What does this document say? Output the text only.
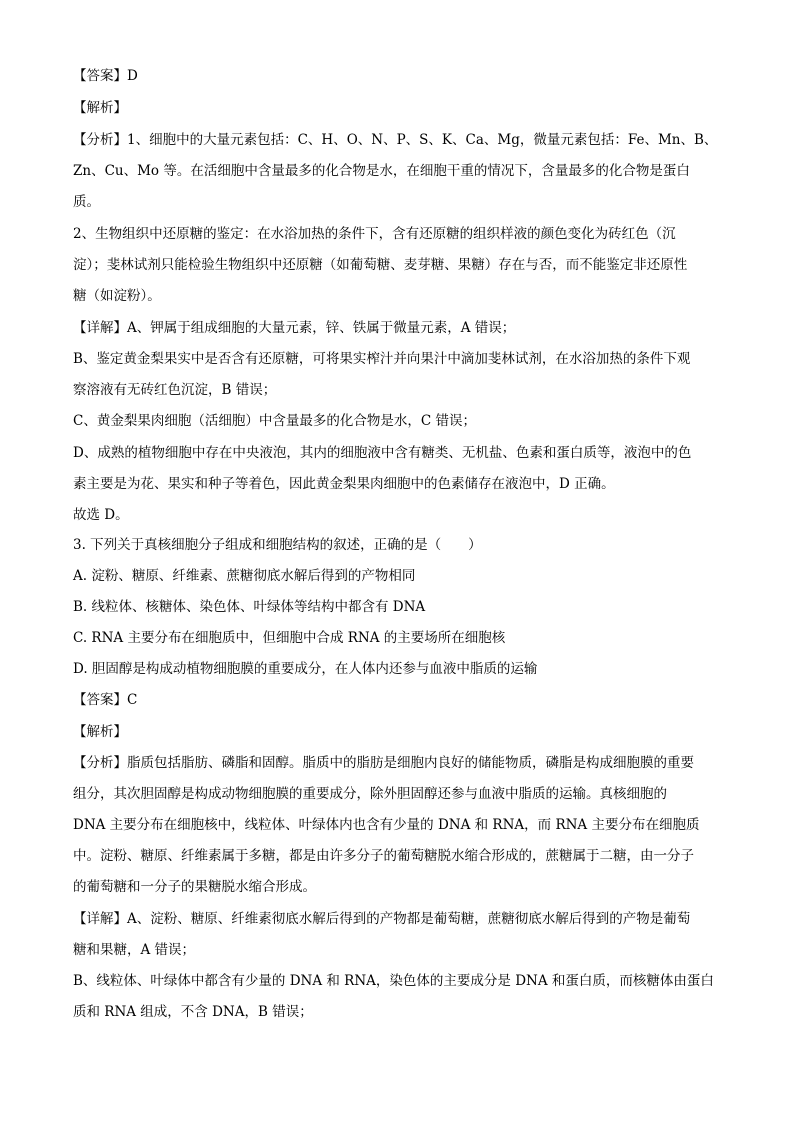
【答案】D
【解析】
【分析】1、细胞中的大量元素包括：C、H、O、N、P、S、K、Ca、Mg，微量元素包括：Fe、Mn、B、
Zn、Cu、Mo 等。在活细胞中含量最多的化合物是水，在细胞干重的情况下，含量最多的化合物是蛋白
质。
2、生物组织中还原糖的鉴定：在水浴加热的条件下，含有还原糖的组织样液的颜色变化为砖红色（沉
淀）；斐林试剂只能检验生物组织中还原糖（如葡萄糖、麦芽糖、果糖）存在与否，而不能鉴定非还原性
糖（如淀粉）。
【详解】A、钾属于组成细胞的大量元素，锌、铁属于微量元素，A 错误；
B、鉴定黄金梨果实中是否含有还原糖，可将果实榨汁并向果汁中滴加斐林试剂，在水浴加热的条件下观
察溶液有无砖红色沉淀，B 错误；
C、黄金梨果肉细胞（活细胞）中含量最多的化合物是水，C 错误；
D、成熟的植物细胞中存在中央液泡，其内的细胞液中含有糖类、无机盐、色素和蛋白质等，液泡中的色
素主要是为花、果实和种子等着色，因此黄金梨果肉细胞中的色素储存在液泡中，D 正确。
故选 D。
3. 下列关于真核细胞分子组成和细胞结构的叙述，正确的是（　　）
A. 淀粉、糖原、纤维素、蔗糖彻底水解后得到的产物相同
B. 线粒体、核糖体、染色体、叶绿体等结构中都含有 DNA
C. RNA 主要分布在细胞质中，但细胞中合成 RNA 的主要场所在细胞核
D. 胆固醇是构成动植物细胞膜的重要成分，在人体内还参与血液中脂质的运输
【答案】C
【解析】
【分析】脂质包括脂肪、磷脂和固醇。脂质中的脂肪是细胞内良好的储能物质，磷脂是构成细胞膜的重要
组分，其次胆固醇是构成动物细胞膜的重要成分，除外胆固醇还参与血液中脂质的运输。真核细胞的
DNA 主要分布在细胞核中，线粒体、叶绿体内也含有少量的 DNA 和 RNA，而 RNA 主要分布在细胞质
中。淀粉、糖原、纤维素属于多糖，都是由许多分子的葡萄糖脱水缩合形成的，蔗糖属于二糖，由一分子
的葡萄糖和一分子的果糖脱水缩合形成。
【详解】A、淀粉、糖原、纤维素彻底水解后得到的产物都是葡萄糖，蔗糖彻底水解后得到的产物是葡萄
糖和果糖，A 错误；
B、线粒体、叶绿体中都含有少量的 DNA 和 RNA，染色体的主要成分是 DNA 和蛋白质，而核糖体由蛋白
质和 RNA 组成，不含 DNA，B 错误；
